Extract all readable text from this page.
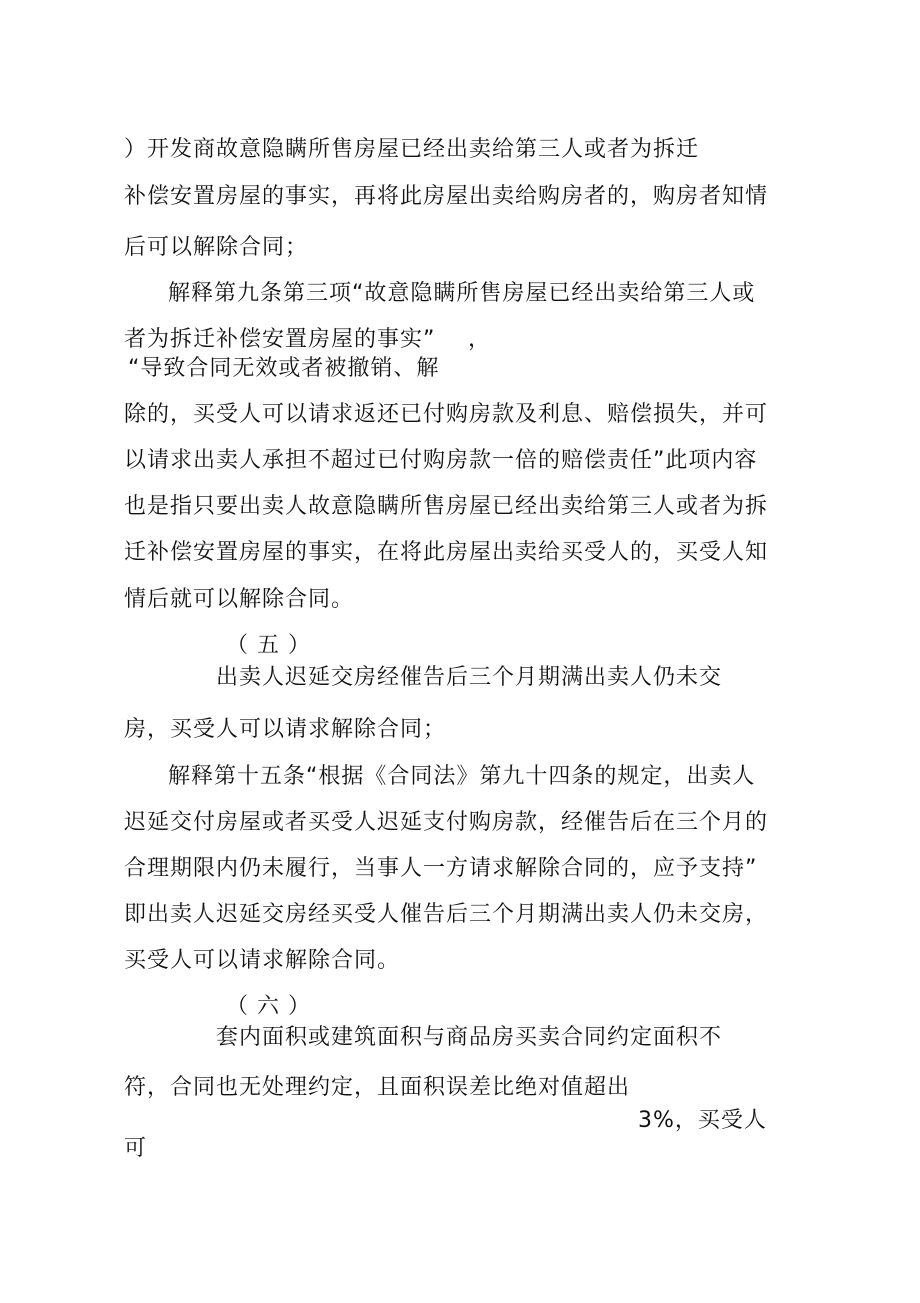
）开发商故意隐瞒所售房屋已经出卖给第三人或者为拆迁
补偿安置房屋的事实，再将此房屋出卖给购房者的，购房者知情
后可以解除合同；
解释第九条第三项“故意隐瞒所售房屋已经出卖给第三人或
者为拆迁补偿安置房屋的事实” ，
“导致合同无效或者被撤销、解
除的，买受人可以请求返还已付购房款及利息、赔偿损失，并可
以请求出卖人承担不超过已付购房款一倍的赔偿责任”此项内容
也是指只要出卖人故意隐瞒所售房屋已经出卖给第三人或者为拆
迁补偿安置房屋的事实，在将此房屋出卖给买受人的，买受人知
情后就可以解除合同。
（ 五 ）
出卖人迟延交房经催告后三个月期满出卖人仍未交
房，买受人可以请求解除合同；
解释第十五条“根据《合同法》第九十四条的规定，出卖人
迟延交付房屋或者买受人迟延支付购房款，经催告后在三个月的
合理期限内仍未履行，当事人一方请求解除合同的，应予支持”
即出卖人迟延交房经买受人催告后三个月期满出卖人仍未交房，
买受人可以请求解除合同。
（ 六 ）
套内面积或建筑面积与商品房买卖合同约定面积不
符，合同也无处理约定，且面积误差比绝对值超出
3%，买受人
可
